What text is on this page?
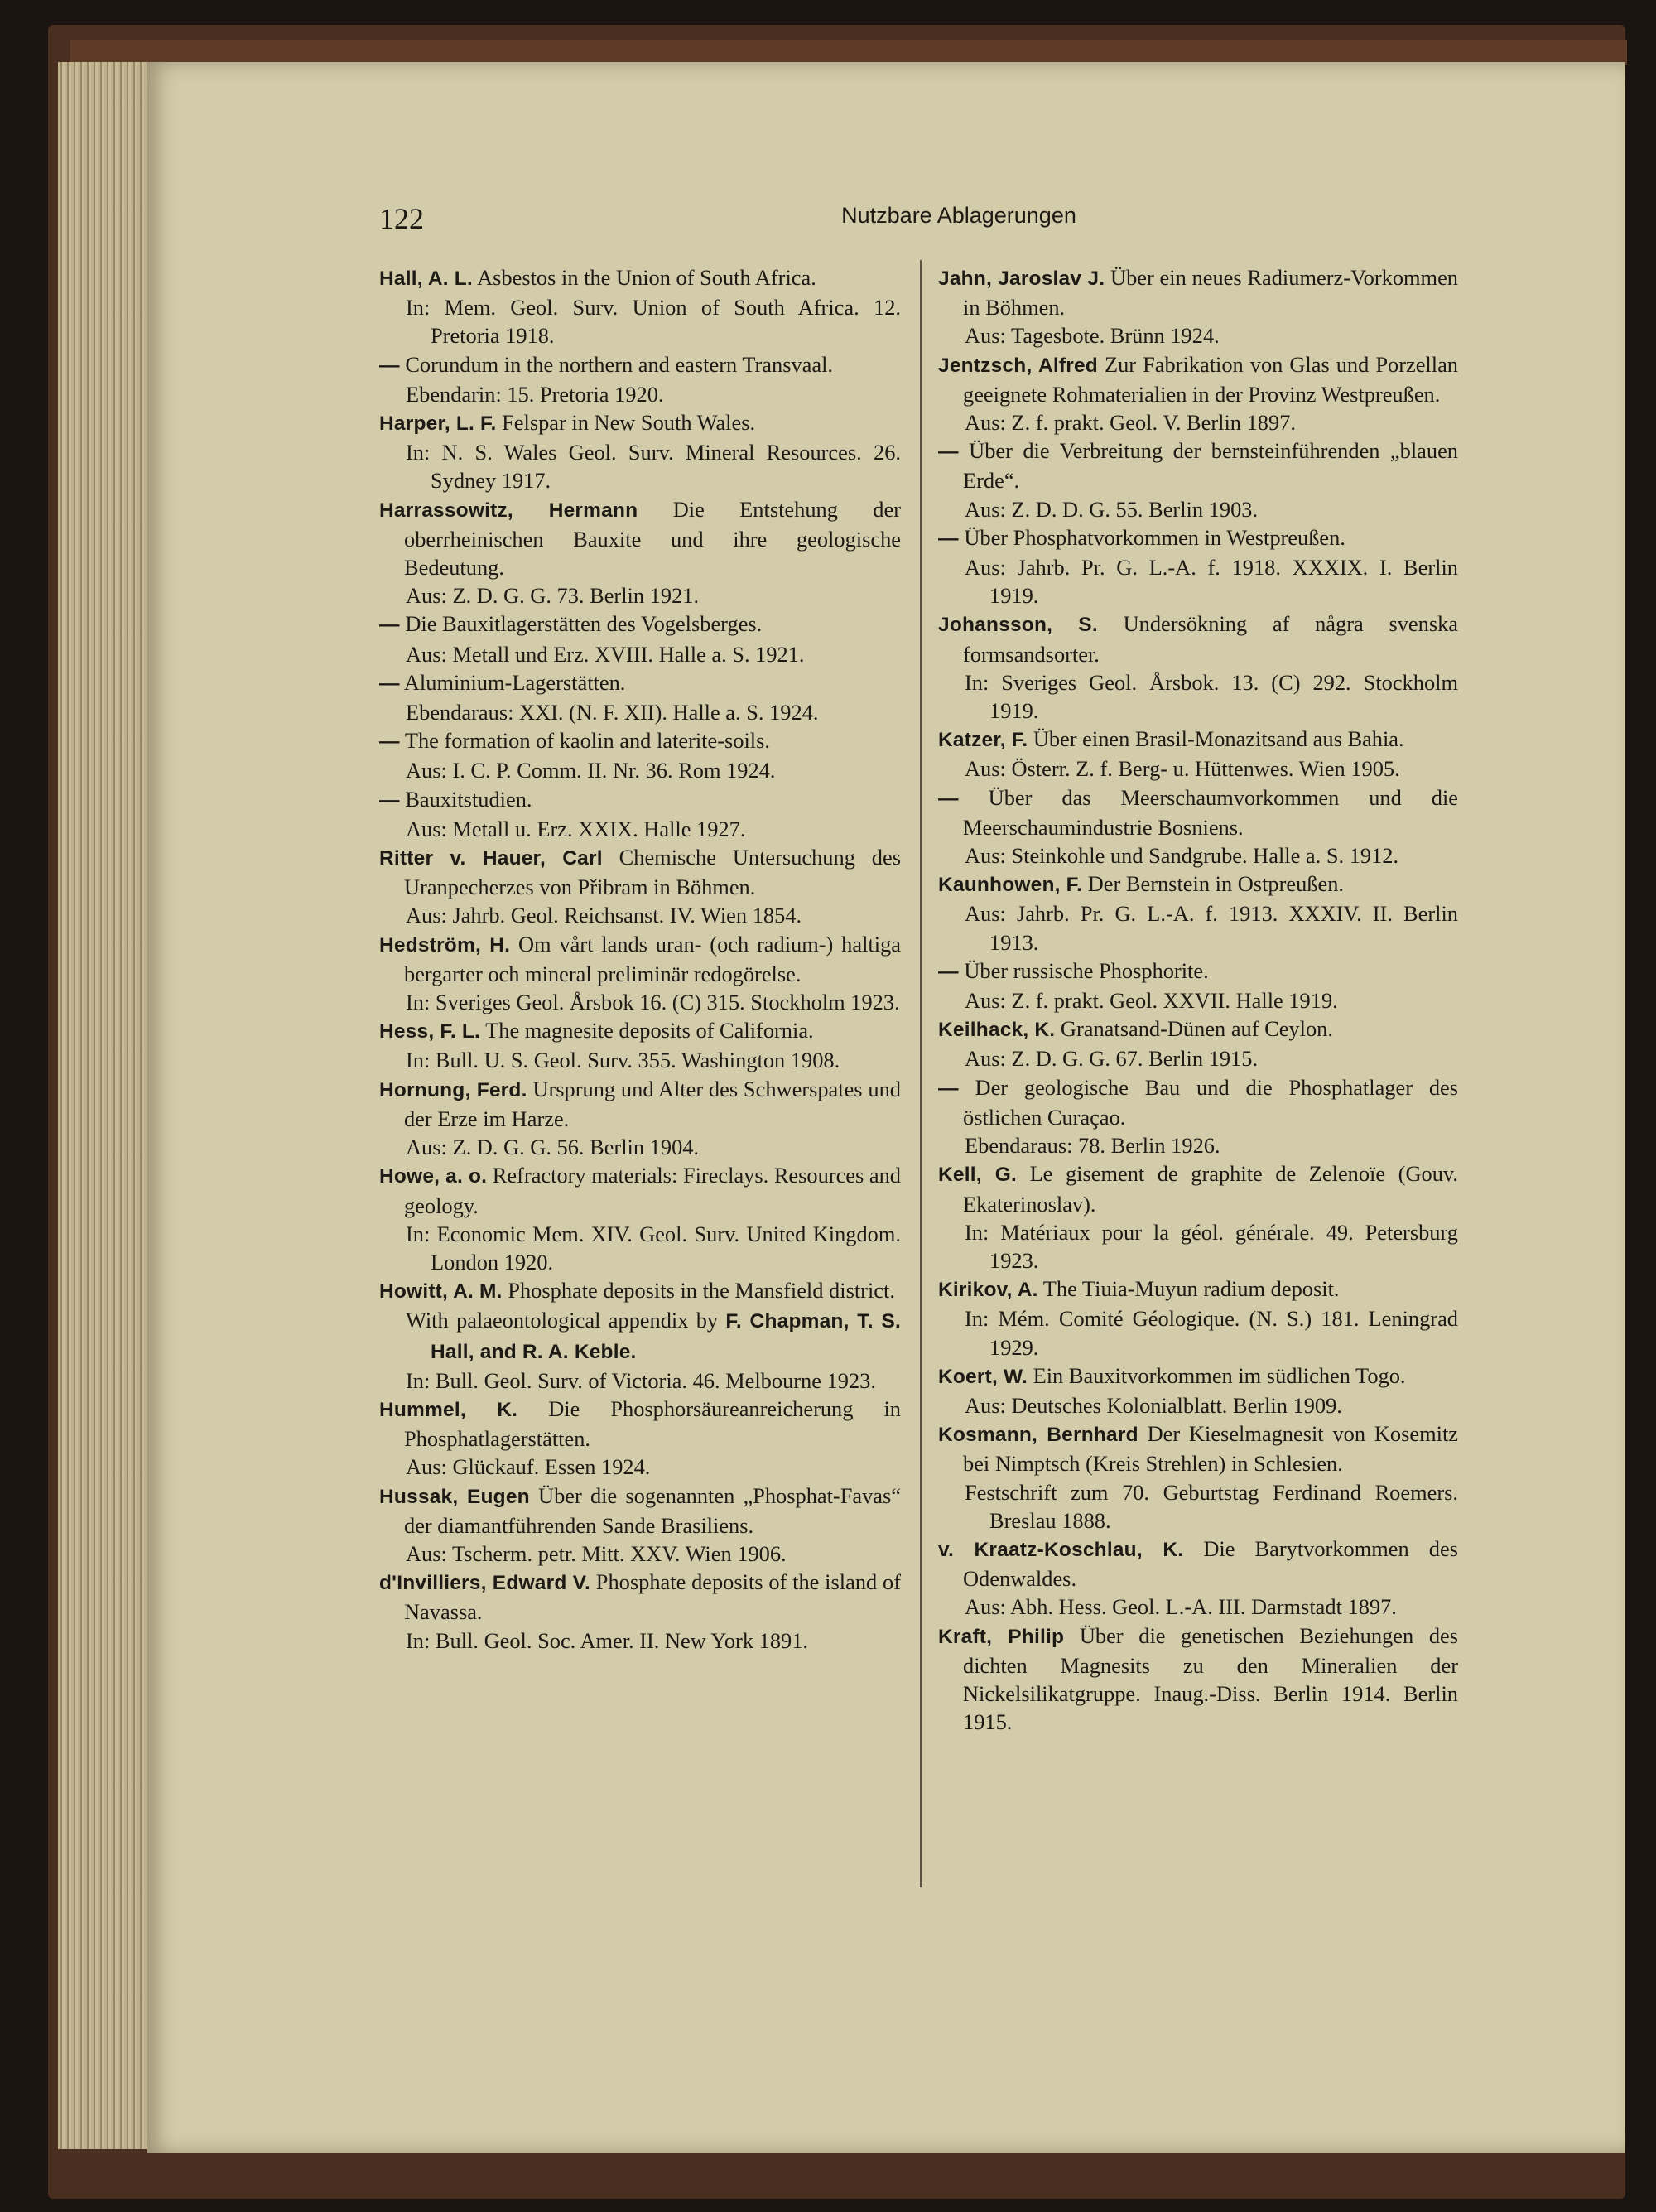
122	Nutzbare Ablagerungen
Hall, A. L. Asbestos in the Union of South Africa.
In: Mem. Geol. Surv. Union of South Africa. 12. Pretoria 1918.
— Corundum in the northern and eastern Transvaal.
Ebendarin: 15. Pretoria 1920.
Harper, L. F. Felspar in New South Wales.
In: N. S. Wales Geol. Surv. Mineral Resources. 26. Sydney 1917.
Harrassowitz, Hermann Die Entstehung der oberrheinischen Bauxite und ihre geologische Bedeutung.
Aus: Z. D. G. G. 73. Berlin 1921.
— Die Bauxitlagerstätten des Vogelsberges.
Aus: Metall und Erz. XVIII. Halle a. S. 1921.
— Aluminium-Lagerstätten.
Ebendaraus: XXI. (N. F. XII). Halle a. S. 1924.
— The formation of kaolin and laterite-soils.
Aus: I. C. P. Comm. II. Nr. 36. Rom 1924.
— Bauxitstudien.
Aus: Metall u. Erz. XXIX. Halle 1927.
Ritter v. Hauer, Carl Chemische Untersuchung des Uranpecherzes von Přibram in Böhmen.
Aus: Jahrb. Geol. Reichsanst. IV. Wien 1854.
Hedström, H. Om vårt lands uran- (och radium-) haltiga bergarter och mineral preliminär redogörelse.
In: Sveriges Geol. Årsbok 16. (C) 315. Stockholm 1923.
Hess, F. L. The magnesite deposits of California.
In: Bull. U. S. Geol. Surv. 355. Washington 1908.
Hornung, Ferd. Ursprung und Alter des Schwerspates und der Erze im Harze.
Aus: Z. D. G. G. 56. Berlin 1904.
Howe, a. o. Refractory materials: Fireclays. Resources and geology.
In: Economic Mem. XIV. Geol. Surv. United Kingdom. London 1920.
Howitt, A. M. Phosphate deposits in the Mansfield district.
With palaeontological appendix by F. Chapman, T. S. Hall, and R. A. Keble.
In: Bull. Geol. Surv. of Victoria. 46. Melbourne 1923.
Hummel, K. Die Phosphorsäureanreicherung in Phosphatlagerstätten.
Aus: Glückauf. Essen 1924.
Hussak, Eugen Über die sogenannten „Phosphat-Favas“ der diamantführenden Sande Brasiliens.
Aus: Tscherm. petr. Mitt. XXV. Wien 1906.
d'Invilliers, Edward V. Phosphate deposits of the island of Navassa.
In: Bull. Geol. Soc. Amer. II. New York 1891.
Jahn, Jaroslav J. Über ein neues Radiumerz-Vorkommen in Böhmen.
Aus: Tagesbote. Brünn 1924.
Jentzsch, Alfred Zur Fabrikation von Glas und Porzellan geeignete Rohmaterialien in der Provinz Westpreußen.
Aus: Z. f. prakt. Geol. V. Berlin 1897.
— Über die Verbreitung der bernsteinführenden „blauen Erde“.
Aus: Z. D. D. G. 55. Berlin 1903.
— Über Phosphatvorkommen in Westpreußen.
Aus: Jahrb. Pr. G. L.-A. f. 1918. XXXIX. I. Berlin 1919.
Johansson, S. Undersökning af några svenska formsandsorter.
In: Sveriges Geol. Årsbok. 13. (C) 292. Stockholm 1919.
Katzer, F. Über einen Brasil-Monazitsand aus Bahia.
Aus: Österr. Z. f. Berg- u. Hüttenwes. Wien 1905.
— Über das Meerschaumvorkommen und die Meerschaumindustrie Bosniens.
Aus: Steinkohle und Sandgrube. Halle a. S. 1912.
Kaunhowen, F. Der Bernstein in Ostpreußen.
Aus: Jahrb. Pr. G. L.-A. f. 1913. XXXIV. II. Berlin 1913.
— Über russische Phosphorite.
Aus: Z. f. prakt. Geol. XXVII. Halle 1919.
Keilhack, K. Granatsand-Dünen auf Ceylon.
Aus: Z. D. G. G. 67. Berlin 1915.
— Der geologische Bau und die Phosphatlager des östlichen Curaçao.
Ebendaraus: 78. Berlin 1926.
Kell, G. Le gisement de graphite de Zelenoïe (Gouv. Ekaterinoslav).
In: Matériaux pour la géol. générale. 49. Petersburg 1923.
Kirikov, A. The Tiuia-Muyun radium deposit.
In: Mém. Comité Géologique. (N. S.) 181. Leningrad 1929.
Koert, W. Ein Bauxitvorkommen im südlichen Togo.
Aus: Deutsches Kolonialblatt. Berlin 1909.
Kosmann, Bernhard Der Kieselmagnesit von Kosemitz bei Nimptsch (Kreis Strehlen) in Schlesien.
Festschrift zum 70. Geburtstag Ferdinand Roemers. Breslau 1888.
v. Kraatz-Koschlau, K. Die Barytvorkommen des Odenwaldes.
Aus: Abh. Hess. Geol. L.-A. III. Darmstadt 1897.
Kraft, Philip Über die genetischen Beziehungen des dichten Magnesits zu den Mineralien der Nickelsilikatgruppe. Inaug.-Diss. Berlin 1914. Berlin 1915.
